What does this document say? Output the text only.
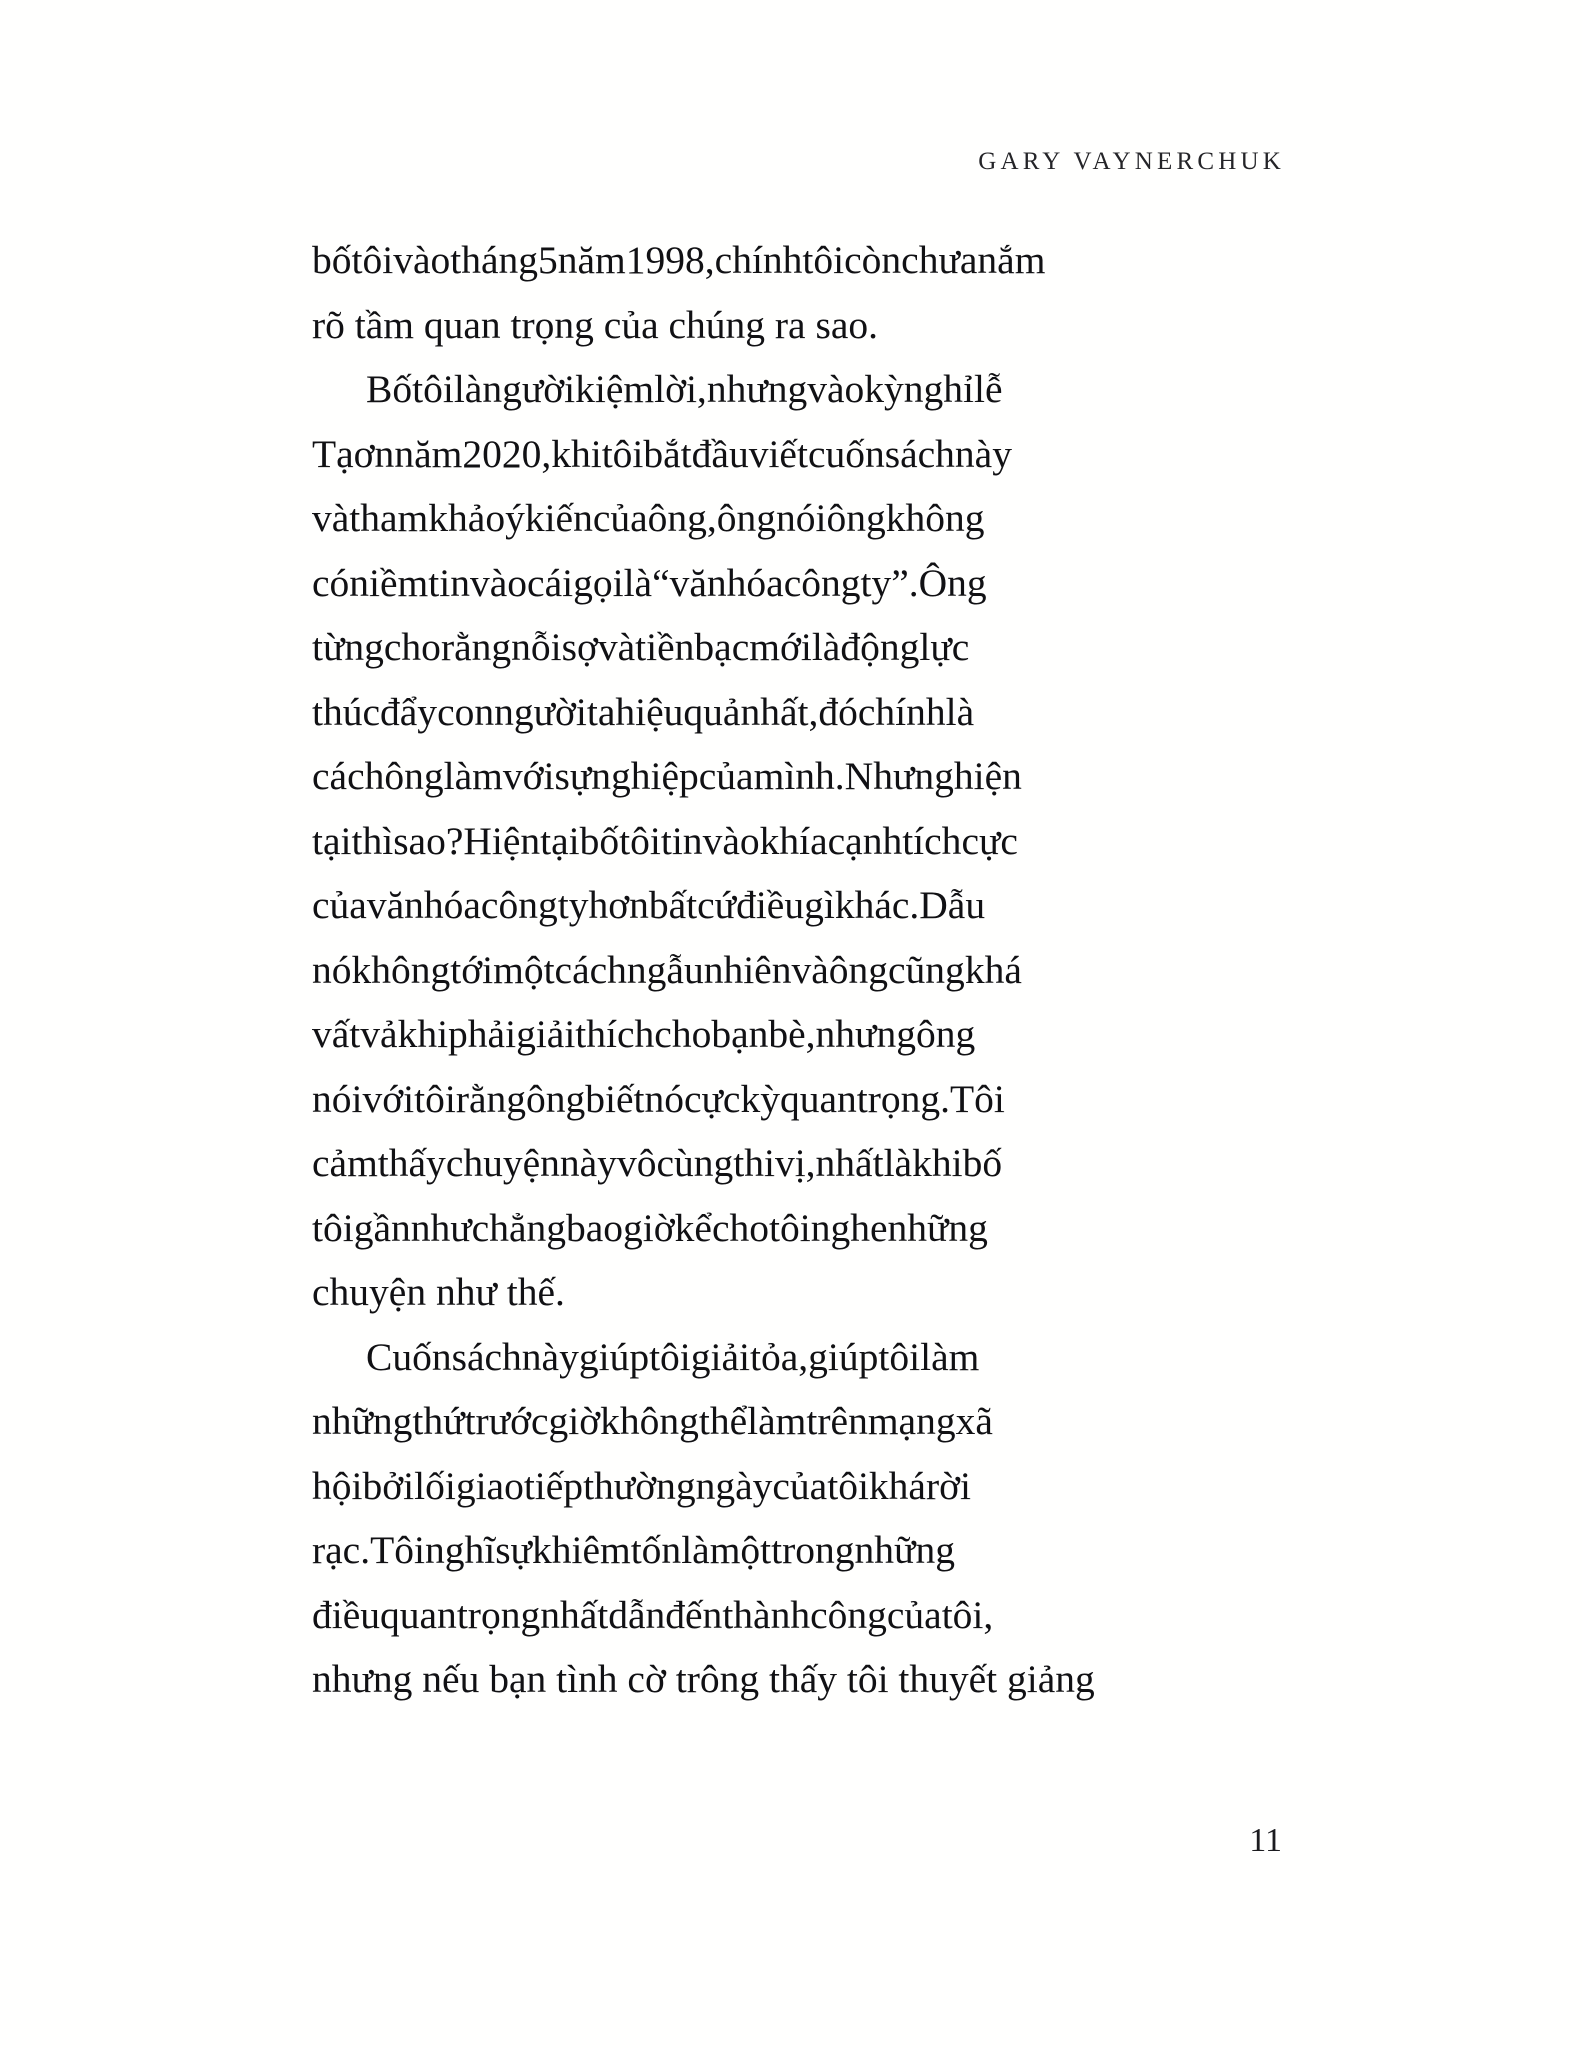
GARY VAYNERCHUK
bốtôivàotháng5năm1998,chínhtôicònchưanắm
rõ tầm quan trọng của chúng ra sao.
Bốtôilàngườikiệmlời,nhưngvàokỳnghỉlễ
Tạơnnăm2020,khitôibắtđầuviếtcuốnsáchnày
vàthamkhảoýkiếncủaông,ôngnóiôngkhông
cóniềmtinvàocáigọilà“vănhóacôngty”.Ông
từngchorằngnỗisợvàtiềnbạcmớilàđộnglực
thúcđẩyconngườitahiệuquảnhất,đóchínhlà
cáchônglàmvớisựnghiệpcủamình.Nhưnghiện
tạithìsao?Hiệntạibốtôitinvàokhíacạnhtíchcực
củavănhóacôngtyhơnbấtcứđiềugìkhác.Dẫu
nókhôngtớimộtcáchngẫunhiênvàôngcũngkhá
vấtvảkhiphảigiảithíchchobạnbè,nhưngông
nóivớitôirằngôngbiếtnócựckỳquantrọng.Tôi
cảmthấychuyệnnàyvôcùngthivị,nhấtlàkhibố
tôigầnnhưchẳngbaogiờkểchotôinghenhững
chuyện như thế.
Cuốnsáchnàygiúptôigiảitỏa,giúptôilàm
nhữngthứtrướcgiờkhôngthểlàmtrênmạngxã
hộibởilốigiaotiếpthườngngàycủatôikhárời
rạc.Tôinghĩsựkhiêmtốnlàmộttrongnhững
điềuquantrọngnhấtdẫnđếnthànhcôngcủatôi,
nhưng nếu bạn tình cờ trông thấy tôi thuyết giảng
11
